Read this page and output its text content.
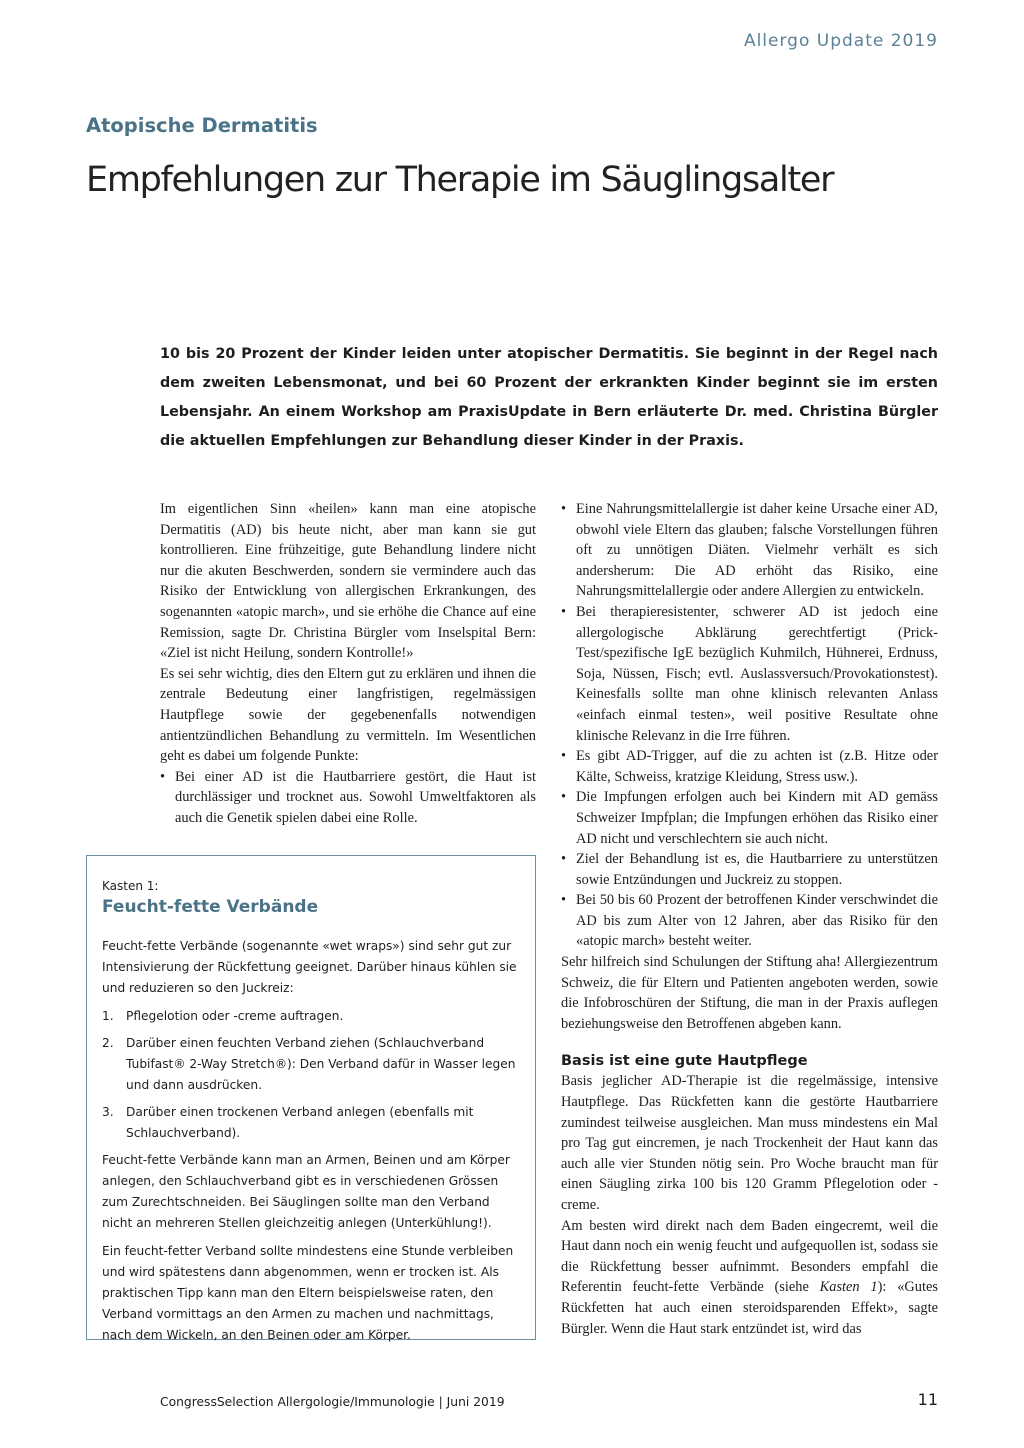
Allergo Update 2019
Atopische Dermatitis
Empfehlungen zur Therapie im Säuglingsalter

10 bis 20 Prozent der Kinder leiden unter atopischer Dermatitis. Sie beginnt in der Regel nach dem zweiten Lebensmonat, und bei 60 Prozent der erkrankten Kinder beginnt sie im ersten Lebensjahr. An einem Workshop am PraxisUpdate in Bern erläuterte Dr. med. Christina Bürgler die aktuellen Empfehlungen zur Behandlung dieser Kinder in der Praxis.

Im eigentlichen Sinn «heilen» kann man eine atopische Dermatitis (AD) bis heute nicht, aber man kann sie gut kontrollieren. Eine frühzeitige, gute Behandlung lindere nicht nur die akuten Beschwerden, sondern sie vermindere auch das Risiko der Entwicklung von allergischen Erkrankungen, des sogenannten «atopic march», und sie erhöhe die Chance auf eine Remission, sagte Dr. Christina Bürgler vom Inselspital Bern: «Ziel ist nicht Heilung, sondern Kontrolle!»

Es sei sehr wichtig, dies den Eltern gut zu erklären und ihnen die zentrale Bedeutung einer langfristigen, regelmässigen Hautpflege sowie der gegebenenfalls notwendigen antientzündlichen Behandlung zu vermitteln. Im Wesentlichen geht es dabei um folgende Punkte:

• Bei einer AD ist die Hautbarriere gestört, die Haut ist durchlässiger und trocknet aus. Sowohl Umweltfaktoren als auch die Genetik spielen dabei eine Rolle.

Kasten 1:

Feucht-fette Verbände

Feucht-fette Verbände (sogenannte «wet wraps») sind sehr gut zur Intensivierung der Rückfettung geeignet. Darüber hinaus kühlen sie und reduzieren so den Juckreiz:

1. Pflegelotion oder -creme auftragen.
2. Darüber einen feuchten Verband ziehen (Schlauchverband Tubifast® 2-Way Stretch®): Den Verband dafür in Wasser legen und dann ausdrücken.
3. Darüber einen trockenen Verband anlegen (ebenfalls mit Schlauchverband).

Feucht-fette Verbände kann man an Armen, Beinen und am Körper anlegen, den Schlauchverband gibt es in verschiedenen Grössen zum Zurechtschneiden. Bei Säuglingen sollte man den Verband nicht an mehreren Stellen gleichzeitig anlegen (Unterkühlung!).

Ein feucht-fetter Verband sollte mindestens eine Stunde verbleiben und wird spätestens dann abgenommen, wenn er trocken ist. Als praktischen Tipp kann man den Eltern beispielsweise raten, den Verband vormittags an den Armen zu machen und nachmittags, nach dem Wickeln, an den Beinen oder am Körper.

• Eine Nahrungsmittelallergie ist daher keine Ursache einer AD, obwohl viele Eltern das glauben; falsche Vorstellungen führen oft zu unnötigen Diäten. Vielmehr verhält es sich andersherum: Die AD erhöht das Risiko, eine Nahrungsmittelallergie oder andere Allergien zu entwickeln.
• Bei therapieresistenter, schwerer AD ist jedoch eine allergologische Abklärung gerechtfertigt (Prick-Test/spezifische IgE bezüglich Kuhmilch, Hühnerei, Erdnuss, Soja, Nüssen, Fisch; evtl. Auslassversuch/Provokationstest). Keinesfalls sollte man ohne klinisch relevanten Anlass «einfach einmal testen», weil positive Resultate ohne klinische Relevanz in die Irre führen.
• Es gibt AD-Trigger, auf die zu achten ist (z.B. Hitze oder Kälte, Schweiss, kratzige Kleidung, Stress usw.).
• Die Impfungen erfolgen auch bei Kindern mit AD gemäss Schweizer Impfplan; die Impfungen erhöhen das Risiko einer AD nicht und verschlechtern sie auch nicht.
• Ziel der Behandlung ist es, die Hautbarriere zu unterstützen sowie Entzündungen und Juckreiz zu stoppen.
• Bei 50 bis 60 Prozent der betroffenen Kinder verschwindet die AD bis zum Alter von 12 Jahren, aber das Risiko für den «atopic march» besteht weiter.

Sehr hilfreich sind Schulungen der Stiftung aha! Allergiezentrum Schweiz, die für Eltern und Patienten angeboten werden, sowie die Infobroschüren der Stiftung, die man in der Praxis auflegen beziehungsweise den Betroffenen abgeben kann.

Basis ist eine gute Hautpflege

Basis jeglicher AD-Therapie ist die regelmässige, intensive Hautpflege. Das Rückfetten kann die gestörte Hautbarriere zumindest teilweise ausgleichen. Man muss mindestens ein Mal pro Tag gut eincremen, je nach Trockenheit der Haut kann das auch alle vier Stunden nötig sein. Pro Woche braucht man für einen Säugling zirka 100 bis 120 Gramm Pflegelotion oder -creme.

Am besten wird direkt nach dem Baden eingecremt, weil die Haut dann noch ein wenig feucht und aufgequollen ist, sodass sie die Rückfettung besser aufnimmt. Besonders empfahl die Referentin feucht-fette Verbände (siehe Kasten 1): «Gutes Rückfetten hat auch einen steroidsparenden Effekt», sagte Bürgler. Wenn die Haut stark entzündet ist, wird das

CongressSelection Allergologie/Immunologie | Juni 2019	11
